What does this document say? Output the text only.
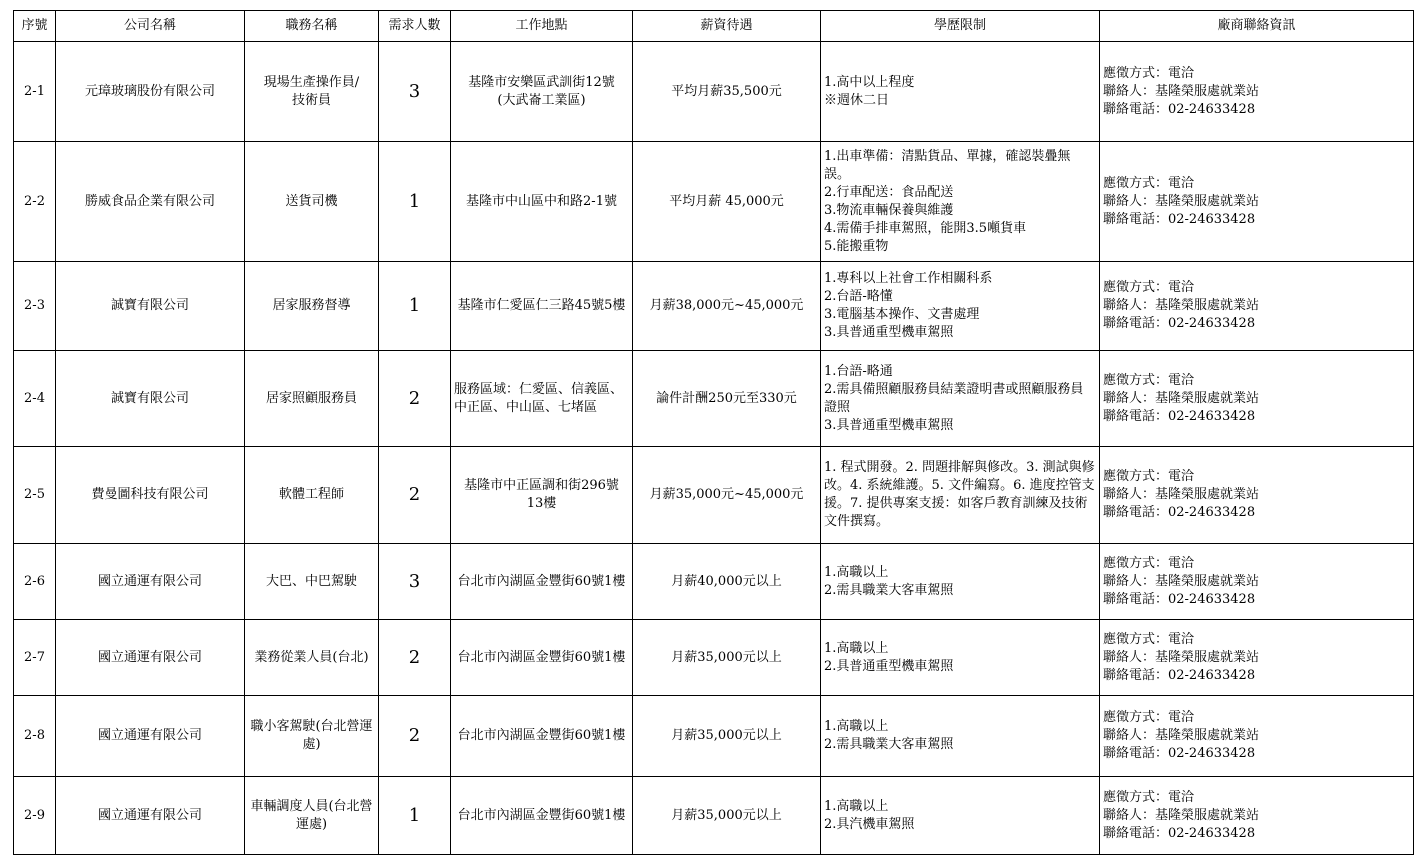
序號	公司名稱	職務名稱	需求人數	工作地點	薪資待遇	學歷限制	廠商聯絡資訊
2-1	元璋玻璃股份有限公司	現場生產操作員/
技術員	3	基隆市安樂區武訓街12號
(大武崙工業區)	平均月薪35,500元	1.高中以上程度
※週休二日	應徵方式：電洽
聯絡人：基隆榮服處就業站
聯絡電話：02-24633428
2-2	勝威食品企業有限公司	送貨司機	1	基隆市中山區中和路2-1號	平均月薪 45,000元	1.出車準備：清點貨品、單據，確認裝疊無誤。
2.行車配送：食品配送
3.物流車輛保養與維護
4.需備手排車駕照，能開3.5噸貨車
5.能搬重物	應徵方式：電洽
聯絡人：基隆榮服處就業站
聯絡電話：02-24633428
2-3	誠寶有限公司	居家服務督導	1	基隆市仁愛區仁三路45號5樓	月薪38,000元~45,000元	1.專科以上社會工作相關科系
2.台語-略懂
3.電腦基本操作、文書處理
3.具普通重型機車駕照	應徵方式：電洽
聯絡人：基隆榮服處就業站
聯絡電話：02-24633428
2-4	誠寶有限公司	居家照顧服務員	2	服務區域：仁愛區、信義區、中正區、中山區、七堵區	論件計酬250元至330元	1.台語-略通
2.需具備照顧服務員結業證明書或照顧服務員證照
3.具普通重型機車駕照	應徵方式：電洽
聯絡人：基隆榮服處就業站
聯絡電話：02-24633428
2-5	費曼圖科技有限公司	軟體工程師	2	基隆市中正區調和街296號
13樓	月薪35,000元~45,000元	1. 程式開發。2. 問題排解與修改。3. 測試與修改。4. 系統維護。5. 文件編寫。6. 進度控管支援。7. 提供專案支援：如客戶教育訓練及技術文件撰寫。	應徵方式：電洽
聯絡人：基隆榮服處就業站
聯絡電話：02-24633428
2-6	國立通運有限公司	大巴、中巴駕駛	3	台北市內湖區金豐街60號1樓	月薪40,000元以上	1.高職以上
2.需具職業大客車駕照	應徵方式：電洽
聯絡人：基隆榮服處就業站
聯絡電話：02-24633428
2-7	國立通運有限公司	業務從業人員(台北)	2	台北市內湖區金豐街60號1樓	月薪35,000元以上	1.高職以上
2.具普通重型機車駕照	應徵方式：電洽
聯絡人：基隆榮服處就業站
聯絡電話：02-24633428
2-8	國立通運有限公司	職小客駕駛(台北營運處)	2	台北市內湖區金豐街60號1樓	月薪35,000元以上	1.高職以上
2.需具職業大客車駕照	應徵方式：電洽
聯絡人：基隆榮服處就業站
聯絡電話：02-24633428
2-9	國立通運有限公司	車輛調度人員(台北營運處)	1	台北市內湖區金豐街60號1樓	月薪35,000元以上	1.高職以上
2.具汽機車駕照	應徵方式：電洽
聯絡人：基隆榮服處就業站
聯絡電話：02-24633428
